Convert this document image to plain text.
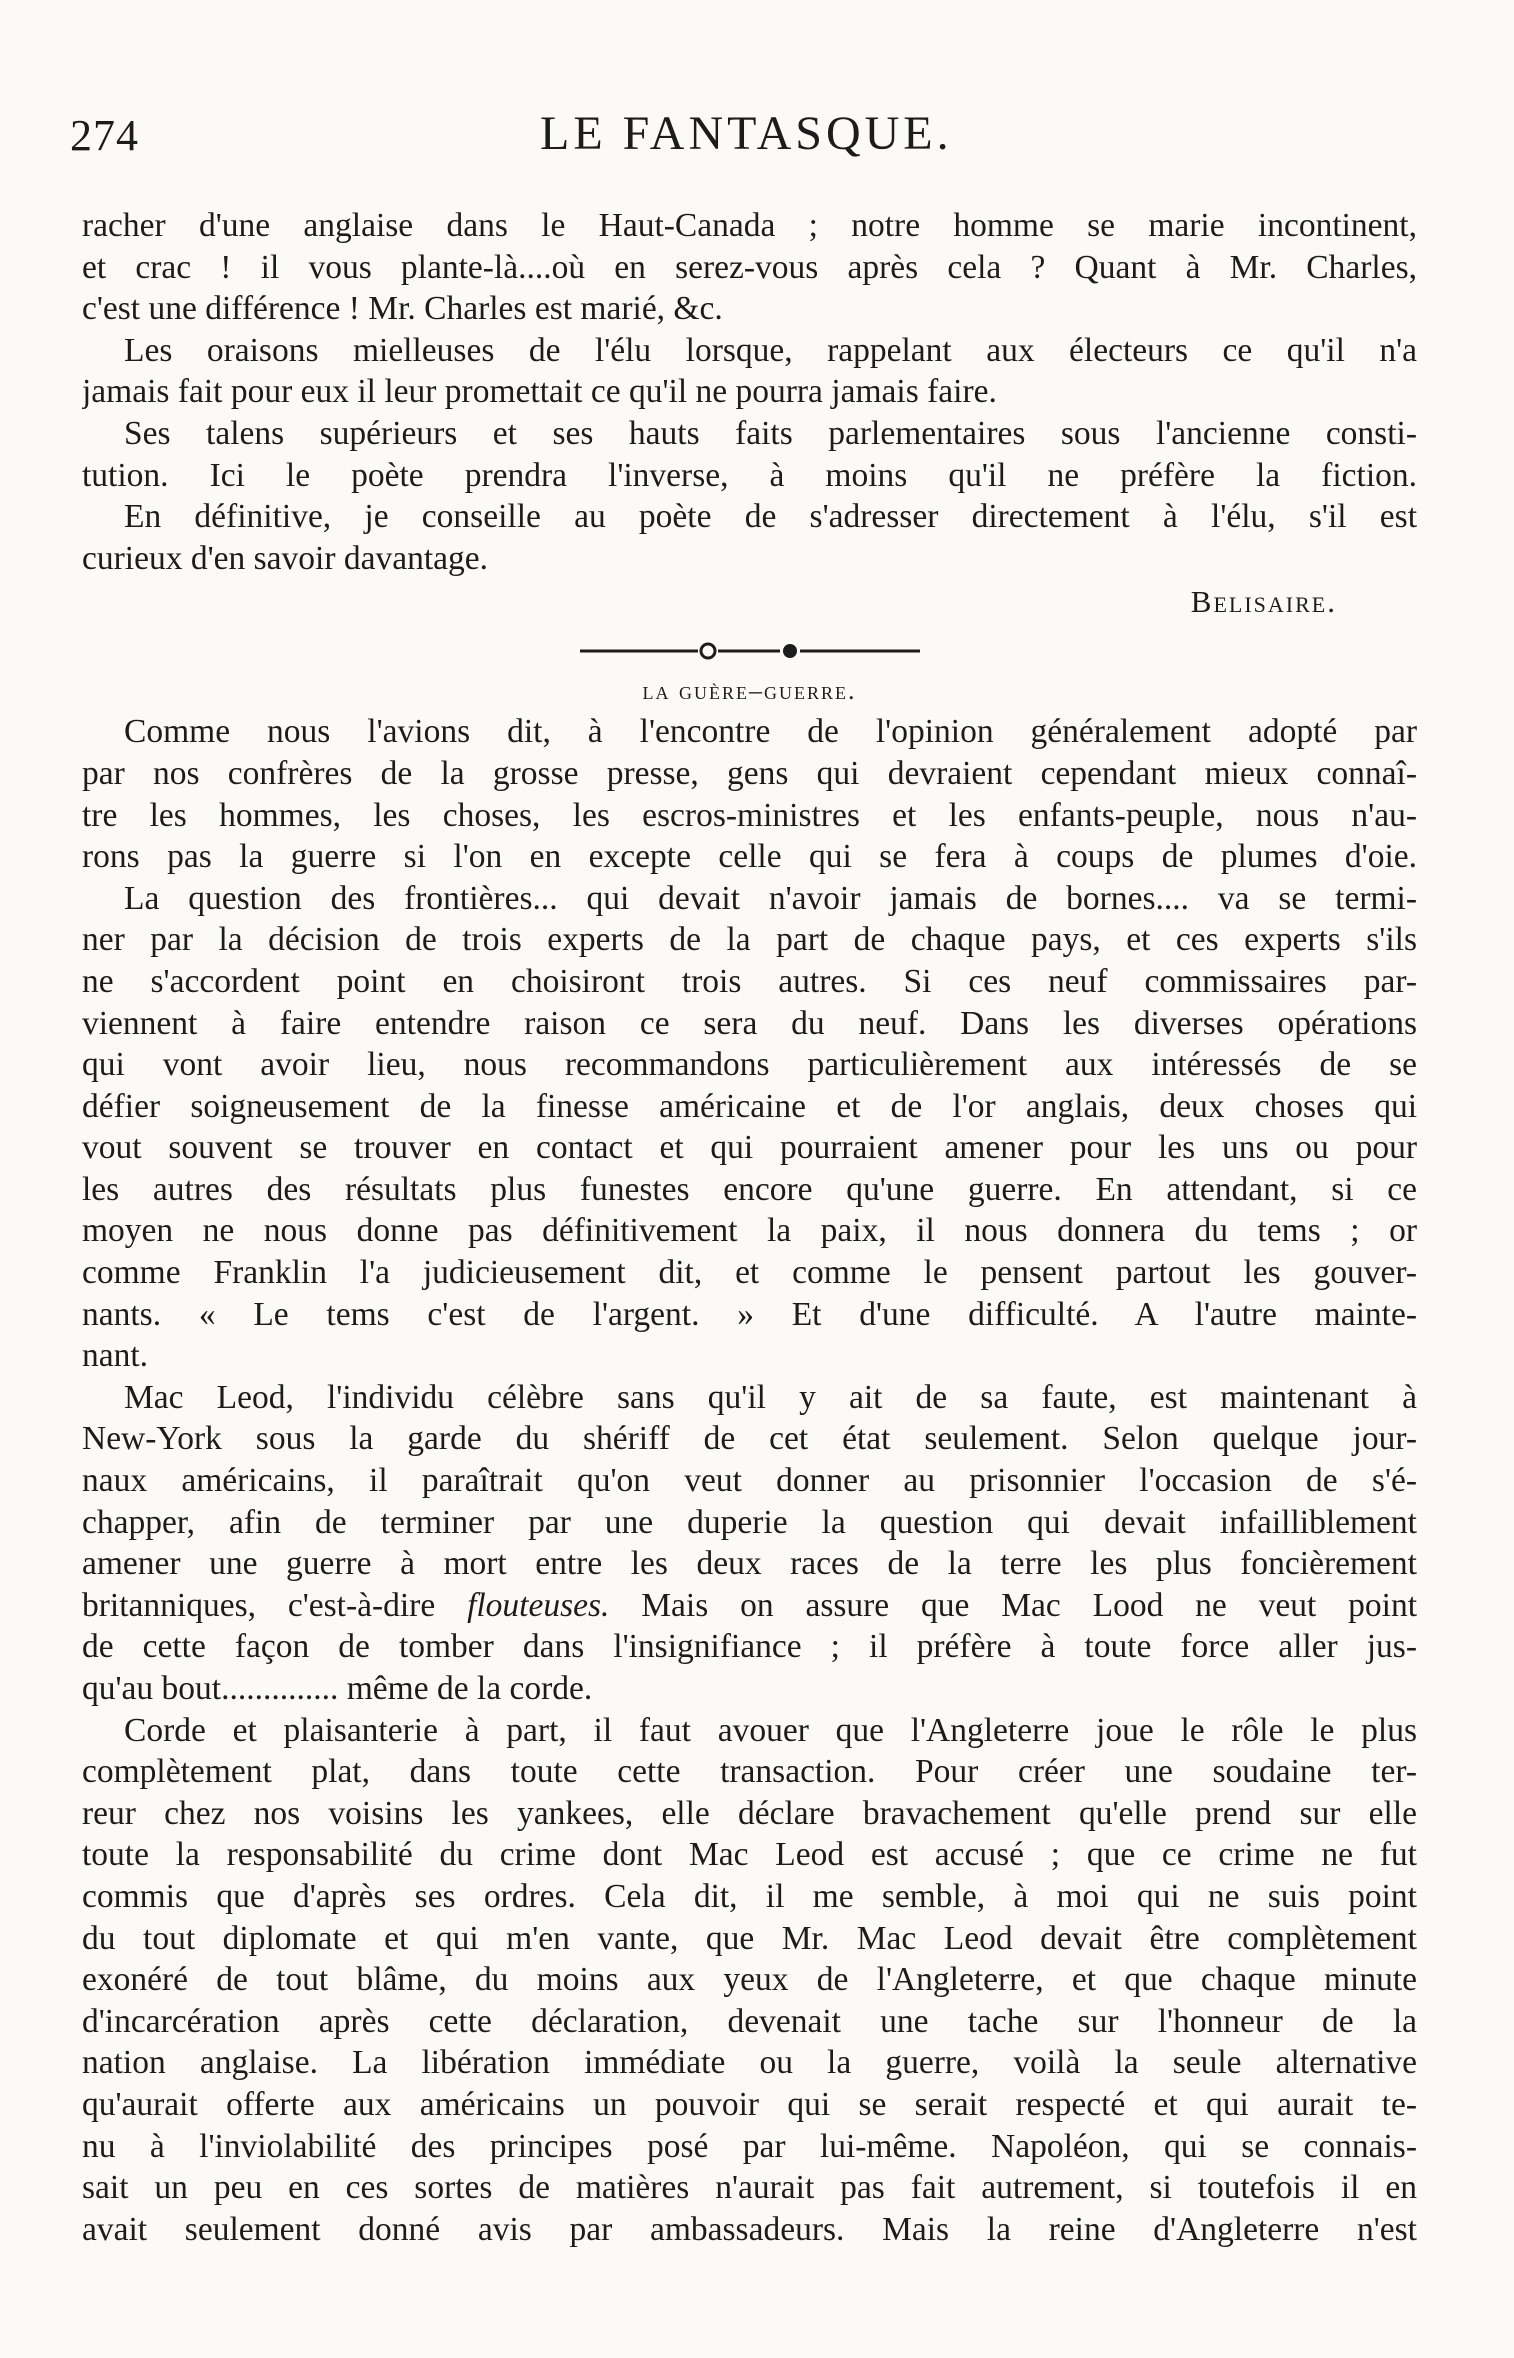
274	LE FANTASQUE.
racher d'une anglaise dans le Haut-Canada ; notre homme se marie incontinent,
et crac ! il vous plante-là....où en serez-vous après cela ? Quant à Mr. Charles,
c'est une différence ! Mr. Charles est marié, &c.
Les oraisons mielleuses de l'élu lorsque, rappelant aux électeurs ce qu'il n'a
jamais fait pour eux il leur promettait ce qu'il ne pourra jamais faire.
Ses talens supérieurs et ses hauts faits parlementaires sous l'ancienne consti-
tution. Ici le poète prendra l'inverse, à moins qu'il ne préfère la fiction.
En définitive, je conseille au poète de s'adresser directement à l'élu, s'il est
curieux d'en savoir davantage.
Belisaire.
la guère–guerre.
Comme nous l'avions dit, à l'encontre de l'opinion généralement adopté par
par nos confrères de la grosse presse, gens qui devraient cependant mieux connaî-
tre les hommes, les choses, les escros-ministres et les enfants-peuple, nous n'au-
rons pas la guerre si l'on en excepte celle qui se fera à coups de plumes d'oie.
La question des frontières... qui devait n'avoir jamais de bornes.... va se termi-
ner par la décision de trois experts de la part de chaque pays, et ces experts s'ils
ne s'accordent point en choisiront trois autres. Si ces neuf commissaires par-
viennent à faire entendre raison ce sera du neuf. Dans les diverses opérations
qui vont avoir lieu, nous recommandons particulièrement aux intéressés de se
défier soigneusement de la finesse américaine et de l'or anglais, deux choses qui
vout souvent se trouver en contact et qui pourraient amener pour les uns ou pour
les autres des résultats plus funestes encore qu'une guerre. En attendant, si ce
moyen ne nous donne pas définitivement la paix, il nous donnera du tems ; or
comme Franklin l'a judicieusement dit, et comme le pensent partout les gouver-
nants. « Le tems c'est de l'argent. » Et d'une difficulté. A l'autre mainte-
nant.
Mac Leod, l'individu célèbre sans qu'il y ait de sa faute, est maintenant à
New-York sous la garde du shériff de cet état seulement. Selon quelque jour-
naux américains, il paraîtrait qu'on veut donner au prisonnier l'occasion de s'é-
chapper, afin de terminer par une duperie la question qui devait infailliblement
amener une guerre à mort entre les deux races de la terre les plus foncièrement
britanniques, c'est-à-dire flouteuses. Mais on assure que Mac Lood ne veut point
de cette façon de tomber dans l'insignifiance ; il préfère à toute force aller jus-
qu'au bout.............. même de la corde.
Corde et plaisanterie à part, il faut avouer que l'Angleterre joue le rôle le plus
complètement plat, dans toute cette transaction. Pour créer une soudaine ter-
reur chez nos voisins les yankees, elle déclare bravachement qu'elle prend sur elle
toute la responsabilité du crime dont Mac Leod est accusé ; que ce crime ne fut
commis que d'après ses ordres. Cela dit, il me semble, à moi qui ne suis point
du tout diplomate et qui m'en vante, que Mr. Mac Leod devait être complètement
exonéré de tout blâme, du moins aux yeux de l'Angleterre, et que chaque minute
d'incarcération après cette déclaration, devenait une tache sur l'honneur de la
nation anglaise. La libération immédiate ou la guerre, voilà la seule alternative
qu'aurait offerte aux américains un pouvoir qui se serait respecté et qui aurait te-
nu à l'inviolabilité des principes posé par lui-même. Napoléon, qui se connais-
sait un peu en ces sortes de matières n'aurait pas fait autrement, si toutefois il en
avait seulement donné avis par ambassadeurs. Mais la reine d'Angleterre n'est
